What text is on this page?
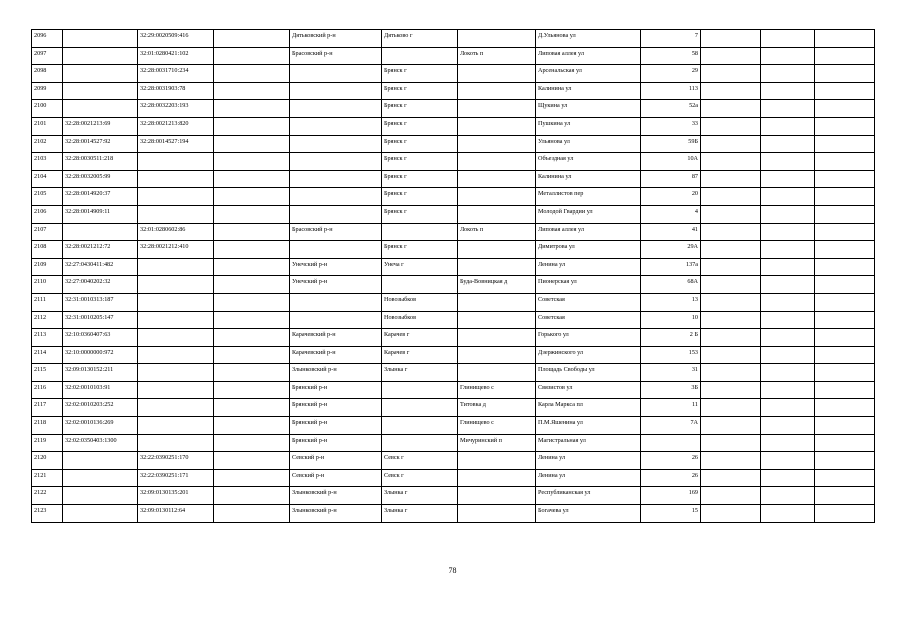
2096		32:29:0020509:416		Дятьковский р-н	Дятьково г		Д.Ульянова ул	7			
2097		32:01:0280421:102		Брасовский р-н		Локоть п	Липовая аллея ул	58			
2098		32:28:0031710:234			Брянск г		Арсенальская ул	29			
2099		32:28:0031903:78			Брянск г		Калинина ул	113			
2100		32:28:0032203:193			Брянск г		Щукина ул	52а			
2101	32:28:0021213:69	32:28:0021213:820			Брянск г		Пушкина ул	33			
2102	32:28:0014527:92	32:28:0014527:194			Брянск г		Ульянова ул	59Б			
2103	32:28:0030511:218				Брянск г		Объездная ул	10А			
2104	32:28:0032005:99				Брянск г		Калинина ул	87			
2105	32:28:0014920:37				Брянск г		Металлистов пер	20			
2106	32:28:0014909:11				Брянск г		Молодой Гвардии ул	4			
2107		32:01:0280602:86		Брасовский р-н		Локоть п	Липовая аллея ул	41			
2108	32:28:0021212:72	32:28:0021212:410			Брянск г		Димитрова ул	29А			
2109	32:27:0430411:482			Унечский р-н	Унеча г		Ленина ул	137а			
2110	32:27:0040202:32			Унечский р-н		Буда-Вовницкая д	Пионерская ул	68А			
2111	32:31:0010313:187				Новозыбков		Советская	13			
2112	32:31:0010205:147				Новозыбков		Советская	10			
2113	32:10:0360407:63			Карачевский р-н	Карачев г		Горького ул	2 Б			
2114	32:10:0000000:972			Карачевский р-н	Карачев г		Дзержинского ул	153			
2115	32:09:0130152:211			Злынковский р-н	Злынка г		Площадь Свободы ул	31			
2116	32:02:0010103:91			Брянский р-н		Глинищево с	Связистов ул	3Б			
2117	32:02:0010203:252			Брянский р-н		Титовка д	Карла Маркса пл	11			
2118	32:02:0010136:269			Брянский р-н		Глинищево с	П.М.Яшенина ул	7А			
2119	32:02:0350403:1300			Брянский р-н		Мичуринский п	Магистральная ул				
2120		32:22:0390251:170		Севский р-н	Севск г		Ленина ул	26			
2121		32:22:0390251:171		Севский р-н	Севск г		Ленина ул	26			
2122		32:09:0130135:201		Злынковский р-н	Злынка г		Республиканская ул	169			
2123		32:09:0130112:64		Злынковский р-н	Злынка г		Богачева ул	15			
78
